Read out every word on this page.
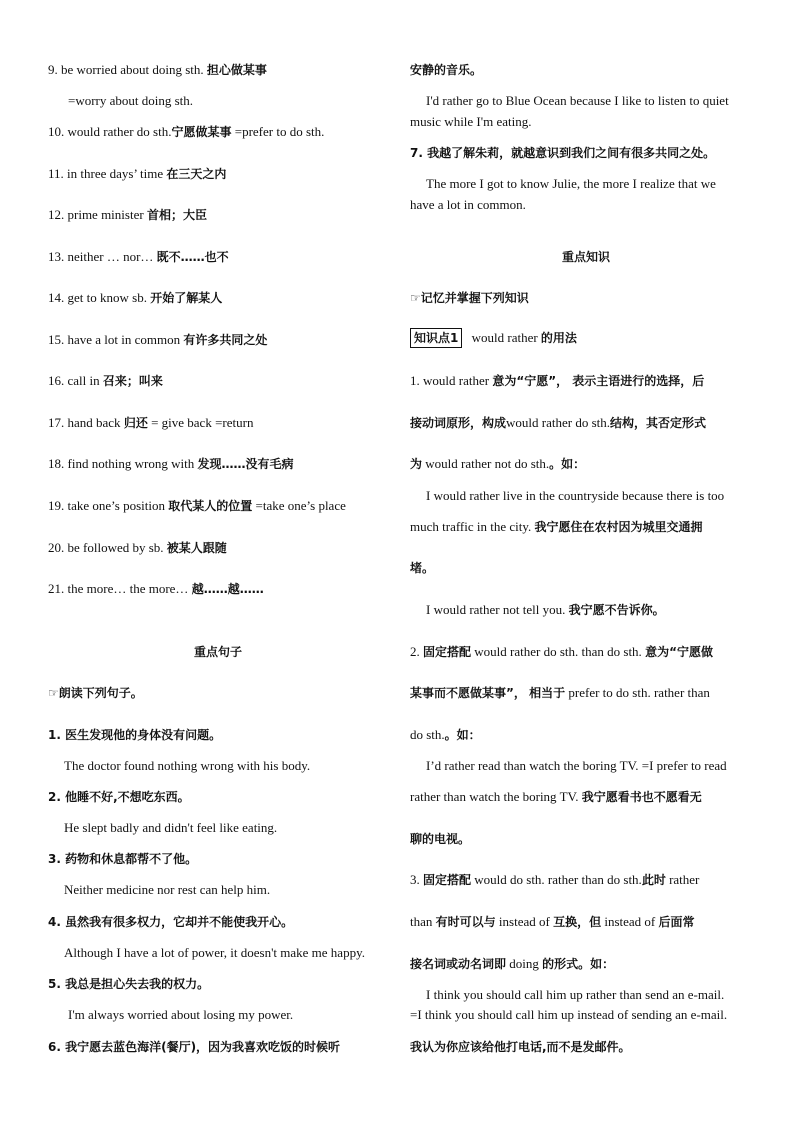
9. be worried about doing sth. 担心做某事
=worry about doing sth.
10. would rather do sth.宁愿做某事 =prefer to do sth.
11. in three days’ time 在三天之内
12. prime minister 首相；大臣
13. neither … nor… 既不……也不
14. get to know sb. 开始了解某人
15. have a lot in common 有许多共同之处
16. call in 召来；叫来
17. hand back 归还 = give back =return
18. find nothing wrong with 发现……没有毛病
19. take one’s position 取代某人的位置 =take one’s place
20. be followed by sb. 被某人跟随
21. the more… the more… 越……越……
重点句子
☞朗读下列句子。
1. 医生发现他的身体没有问题。
The doctor found nothing wrong with his body.
2. 他睡不好,不想吃东西。
He slept badly and didn't feel like eating.
3. 药物和休息都帮不了他。
Neither medicine nor rest can help him.
4. 虽然我有很多权力，它却并不能使我开心。
Although I have a lot of power, it doesn't make me happy.
5. 我总是担心失去我的权力。
I'm always worried about losing my power.
6. 我宁愿去蓝色海洋(餐厅)，因为我喜欢吃饭的时候听
安静的音乐。
I'd rather go to Blue Ocean because I like to listen to quiet
music while I'm eating.
7. 我越了解朱莉，就越意识到我们之间有很多共同之处。
The more I got to know Julie, the more I realize that we
have a lot in common.
重点知识
☞记忆并掌握下列知识
知识点1 would rather 的用法
1. would rather 意为“宁愿”， 表示主语进行的选择，后
接动词原形，构成would rather do sth.结构，其否定形式
为 would rather not do sth.。如：
I would rather live in the countryside because there is too
much traffic in the city. 我宁愿住在农村因为城里交通拥
堵。
I would rather not tell you. 我宁愿不告诉你。
2. 固定搭配 would rather do sth. than do sth. 意为“宁愿做
某事而不愿做某事”， 相当于 prefer to do sth. rather than
do sth.。如：
I’d rather read than watch the boring TV. =I prefer to read
rather than watch the boring TV. 我宁愿看书也不愿看无
聊的电视。
3. 固定搭配 would do sth. rather than do sth.此时 rather
than 有时可以与 instead of 互换，但 instead of 后面常
接名词或动名词即 doing 的形式。如：
I think you should call him up rather than send an e-mail.
=I think you should call him up instead of sending an e-mail.
我认为你应该给他打电话,而不是发邮件。
